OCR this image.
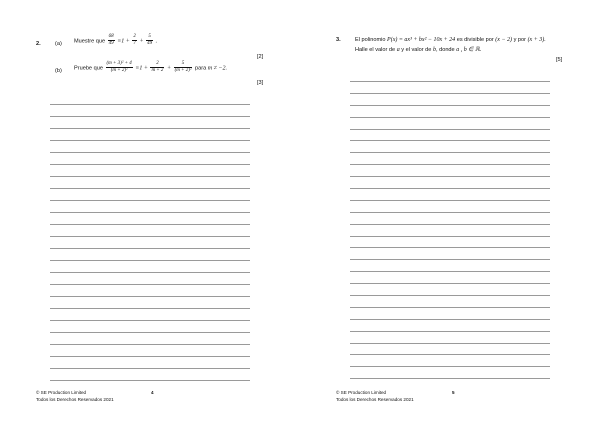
2.	(a) Muestre que $\frac{68}{49} \equiv 1 + \frac{2}{7} + \frac{5}{49}$ .
[2]
(b) Pruebe que $\frac{\text{(m + 3)² + 4}}{\text{(m + 2)²}} \equiv 1 + \frac{2}{m + 2} + \frac{5}{\text{(m + 2)²}}$ para m ≠ −2.
[3]
© SE Production Limited
Todos los Derechos Reservados 2021
4
3.	El polinomio P(x) = ax³ + bx² − 10x + 24 es divisible por (x − 2) y por (x + 3).
Halle el valor de a y el valor de b, donde a , b ∈ ℝ.
[5]
© SE Production Limited
Todos los Derechos Reservados 2021
5
